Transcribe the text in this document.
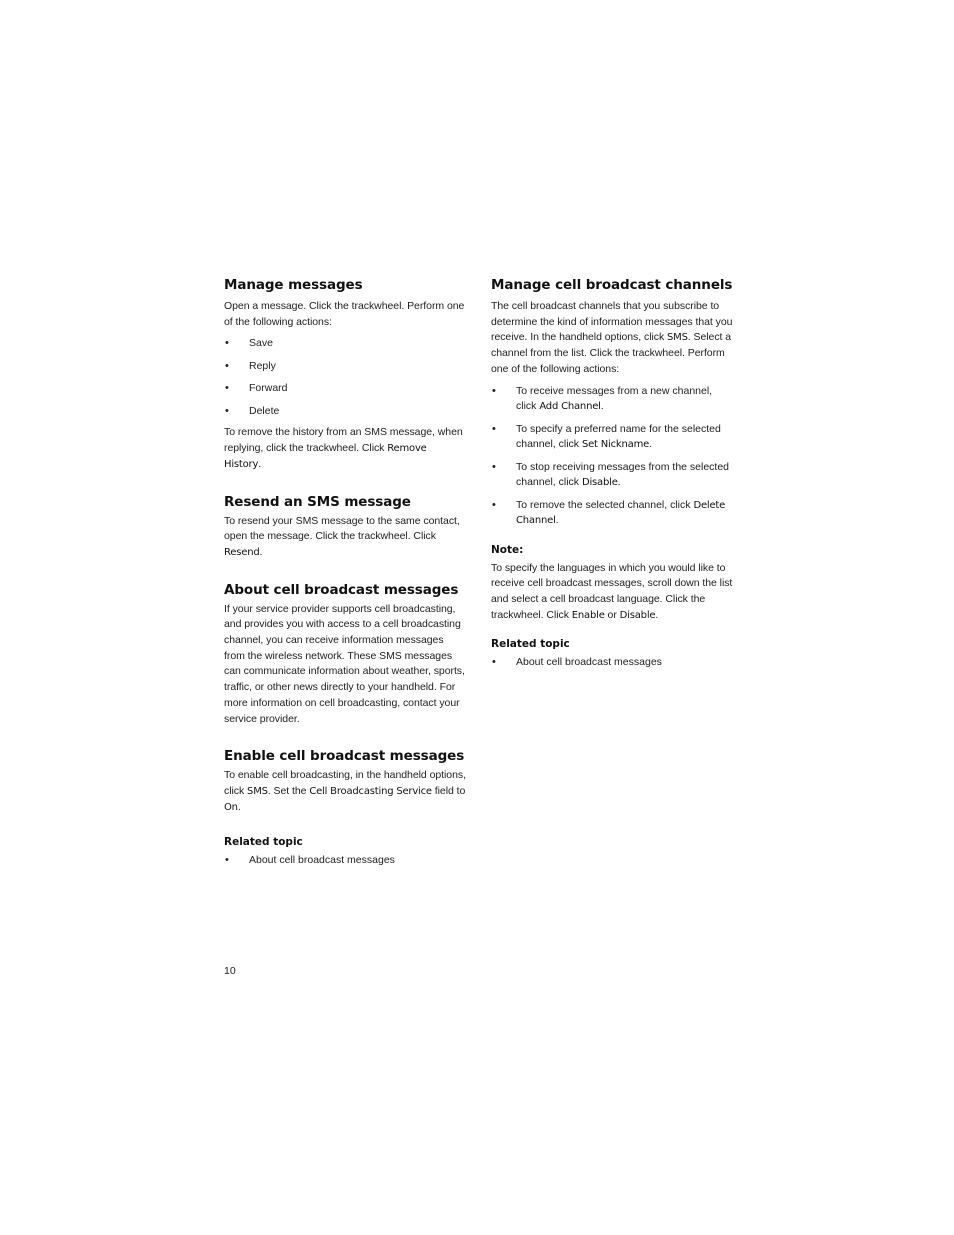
Manage messages

Open a message. Click the trackwheel. Perform one of the following actions:

• Save
• Reply
• Forward
• Delete

To remove the history from an SMS message, when replying, click the trackwheel. Click Remove History.

Resend an SMS message

To resend your SMS message to the same contact, open the message. Click the trackwheel. Click Resend.

About cell broadcast messages

If your service provider supports cell broadcasting, and provides you with access to a cell broadcasting channel, you can receive information messages from the wireless network. These SMS messages can communicate information about weather, sports, traffic, or other news directly to your handheld. For more information on cell broadcasting, contact your service provider.

Enable cell broadcast messages

To enable cell broadcasting, in the handheld options, click SMS. Set the Cell Broadcasting Service field to On.

Related topic
• About cell broadcast messages
Manage cell broadcast channels

The cell broadcast channels that you subscribe to determine the kind of information messages that you receive. In the handheld options, click SMS. Select a channel from the list. Click the trackwheel. Perform one of the following actions:

• To receive messages from a new channel, click Add Channel.
• To specify a preferred name for the selected channel, click Set Nickname.
• To stop receiving messages from the selected channel, click Disable.
• To remove the selected channel, click Delete Channel.
Note:

To specify the languages in which you would like to receive cell broadcast messages, scroll down the list and select a cell broadcast language. Click the trackwheel. Click Enable or Disable.

Related topic
• About cell broadcast messages
10
